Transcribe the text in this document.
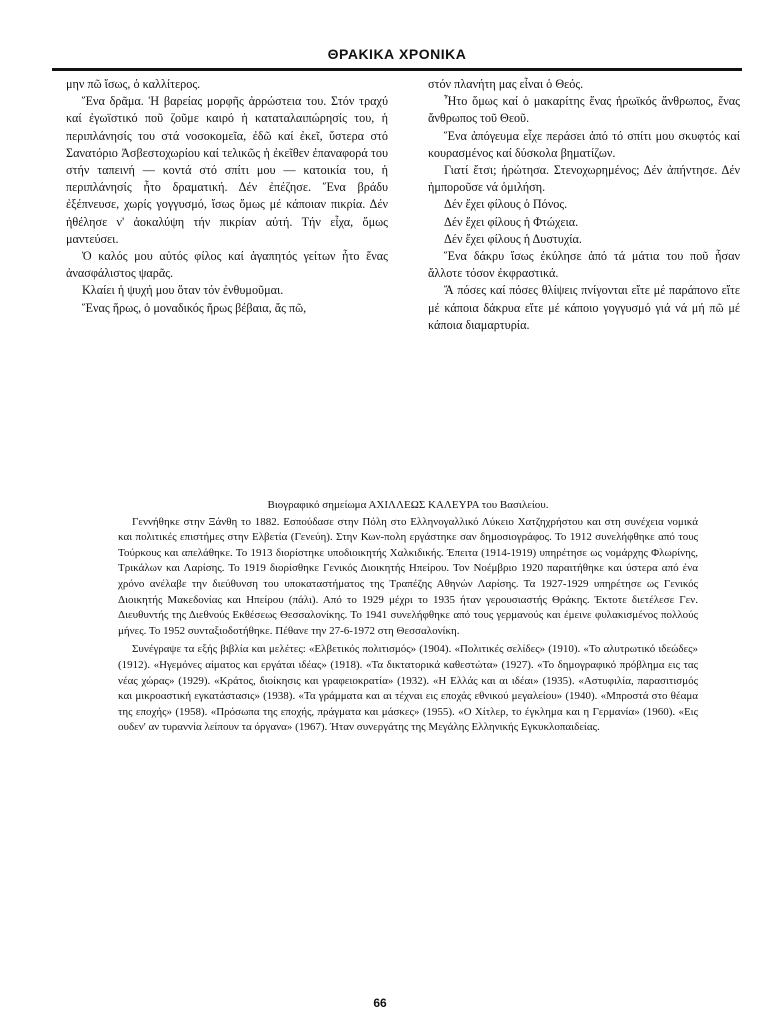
ΘΡΑΚΙΚΑ ΧΡΟΝΙΚΑ

μην πῶ ἴσως, ὁ καλλίτερος.

Ἕνα δρᾶμα. Ἡ βαρείας μορφῆς ἀρρώστεια του. Στόν τραχύ καί ἐγωϊστικό ποῦ ζοῦμε καιρό ἡ καταταλαιπώρησίς του, ἡ περιπλάνησίς του στά νοσοκομεῖα, ἐδῶ καί ἐκεῖ, ὕστερα στό Σανατόριο Ἀσβεστοχωρίου καί τελικῶς ἡ ἐκεῖθεν ἐπαναφορά του στήν ταπεινή — κοντά στό σπίτι μου — κατοικία του, ἡ περιπλάνησίς ἦτο δραματική. Δέν ἐπέζησε. Ἕνα βράδυ ἐξέπνευσε, χωρίς γογγυσμό, ἴσως ὅμως μέ κάποιαν πικρία. Δέν ἠθέλησε ν' ἀοκαλύψη τήν πικρίαν αὐτή. Τήν εἶχα, ὅμως μαντεύσει.

Ὁ καλός μου αὐτός φίλος καί ἀγαπητός γείτων ἦτο ἕνας ἀνασφάλιστος ψαρᾶς.

Κλαίει ἡ ψυχή μου ὅταν τόν ἐνθυμοῦμαι.

Ἕνας ἥρως, ὁ μοναδικός ἥρως βέβαια, ἄς πῶ,

στόν πλανήτη μας εἶναι ὁ Θεός.

Ἦτο ὅμως καί ὁ μακαρίτης ἕνας ἡρωϊκός ἄνθρωπος, ἕνας ἄνθρωπος τοῦ Θεοῦ.

Ἕνα ἀπόγευμα εἶχε περάσει ἀπό τό σπίτι μου σκυφτός καί κουρασμένος καί δύσκολα βηματίζων.

Γιατί ἔτσι; ἠρώτησα. Στενοχωρημένος; Δέν ἀπήντησε. Δέν ἠμποροῦσε νά ὁμιλήση.

Δέν ἔχει φίλους ὁ Πόνος.

Δέν ἔχει φίλους ἡ Φτώχεια.

Δέν ἔχει φίλους ἡ Δυστυχία.

Ἕνα δάκρυ ἴσως ἐκύλησε ἀπό τά μάτια του ποῦ ἦσαν ἄλλοτε τόσον ἐκφραστικά.

Ἄ πόσες καί πόσες θλίψεις πνίγονται εἴτε μέ παράπονο εἴτε μέ κάποια δάκρυα εἴτε μέ κάποιο γογγυσμό γιά νά μή πῶ μέ κάποια διαμαρτυρία.

Βιογραφικό σημείωμα ΑΧΙΛΛΕΩΣ ΚΑΛΕΥΡΑ του Βασιλείου.

Γεννήθηκε στην Ξάνθη το 1882. Εσπούδασε στην Πόλη στο Ελληνογαλλικό Λύκειο Χατζηχρήστου και στη συνέχεια νομικά και πολιτικές επιστήμες στην Ελβετία (Γενεύη). Στην Κων-πολη εργάστηκε σαν δημοσιογράφος. Το 1912 συνελήφθηκε από τους Τούρκους και απελάθηκε. Το 1913 διορίστηκε υποδιοικητής Χαλκιδικής. Έπειτα (1914-1919) υπηρέτησε ως νομάρχης Φλωρίνης, Τρικάλων και Λαρίσης. Το 1919 διορίσθηκε Γενικός Διοικητής Ηπείρου. Τον Νοέμβριο 1920 παραιτήθηκε και ύστερα από ένα χρόνο ανέλαβε την διεύθυνση του υποκαταστήματος της Τραπέζης Αθηνών Λαρίσης. Τα 1927-1929 υπηρέτησε ως Γενικός Διοικητής Μακεδονίας και Ηπείρου (πάλι). Από το 1929 μέχρι το 1935 ήταν γερουσιαστής Θράκης. Έκτοτε διετέλεσε Γεν. Διευθυντής της Διεθνούς Εκθέσεως Θεσσαλονίκης. Το 1941 συνελήφθηκε από τους γερμανούς και έμεινε φυλακισμένος πολλούς μήνες. Το 1952 συνταξιοδοτήθηκε. Πέθανε την 27-6-1972 στη Θεσσαλονίκη.

Συνέγραψε τα εξής βιβλία και μελέτες: «Ελβετικός πολιτισμός» (1904). «Πολιτικές σελίδες» (1910). «Το αλυτρωτικό ιδεώδες» (1912). «Ηγεμόνες αίματος και εργάται ιδέας» (1918). «Τα δικτατορικά καθεστώτα» (1927). «Το δημογραφικό πρόβλημα εις τας νέας χώρας» (1929). «Κράτος, διοίκησις και γραφειοκρατία» (1932). «Η Ελλάς και αι ιδέαι» (1935). «Αστυφιλία, παρασιτισμός και μικροαστική εγκατάστασις» (1938). «Τα γράμματα και αι τέχναι εις εποχάς εθνικού μεγαλείου» (1940). «Μπροστά στο θέαμα της εποχής» (1958). «Πρόσωπα της εποχής, πράγματα και μάσκες» (1955). «Ο Χίτλερ, το έγκλημα και η Γερμανία» (1960). «Εις ουδεν' αν τυραννία λείπουν τα όργανα» (1967). Ήταν συνεργάτης της Μεγάλης Ελληνικής Εγκυκλοπαιδείας.

66
